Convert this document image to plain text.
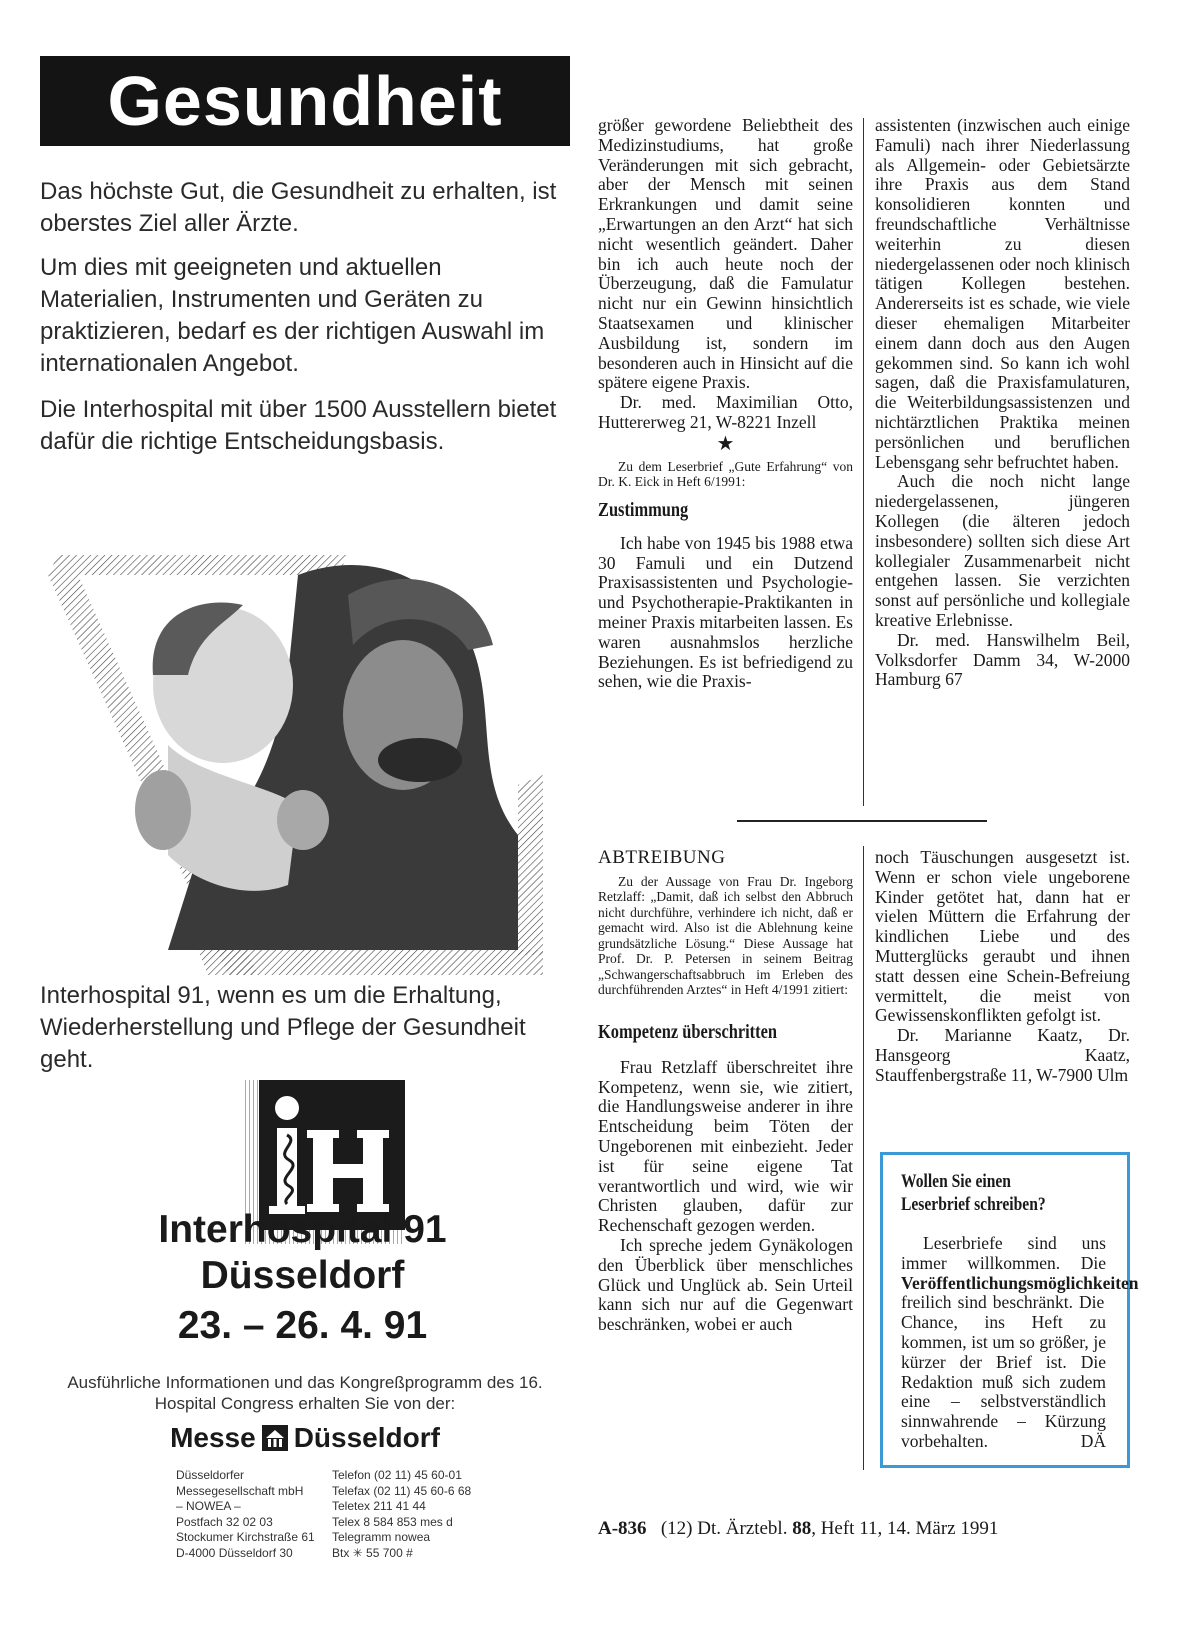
Gesundheit

Das höchste Gut, die Gesundheit zu erhalten, ist oberstes Ziel aller Ärzte.

Um dies mit geeigneten und aktuellen Materialien, Instrumenten und Geräten zu praktizieren, bedarf es der richtigen Auswahl im internationalen Angebot.

Die Interhospital mit über 1500 Ausstellern bietet dafür die richtige Entscheidungsbasis.

Interhospital 91, wenn es um die Erhaltung, Wiederherstellung und Pflege der Gesundheit geht.

Interhospital 91
Düsseldorf
23. – 26. 4. 91
Ausführliche Informationen und das Kongreßprogramm des 16. Hospital Congress erhalten Sie von der:
Messe Düsseldorf
Düsseldorfer
Messegesellschaft mbH
– NOWEA –
Postfach 32 02 03
Stockumer Kirchstraße 61
D-4000 Düsseldorf 30
Telefon (02 11) 45 60-01
Telefax (02 11) 45 60-6 68
Teletex 211 41 44
Telex 8 584 853 mes d
Telegramm nowea
Btx ✳ 55 700 #

größer gewordene Beliebtheit des Medizinstudiums, hat große Veränderungen mit sich gebracht, aber der Mensch mit seinen Erkrankungen und damit seine „Erwartungen an den Arzt“ hat sich nicht wesentlich geändert. Daher bin ich auch heute noch der Überzeugung, daß die Famulatur nicht nur ein Gewinn hinsichtlich Staatsexamen und klinischer Ausbildung ist, sondern im besonderen auch in Hinsicht auf die spätere eigene Praxis.

Dr. med. Maximilian Otto, Huttererweg 21, W-8221 Inzell

★

Zu dem Leserbrief „Gute Erfahrung“ von Dr. K. Eick in Heft 6/1991:

Zustimmung

Ich habe von 1945 bis 1988 etwa 30 Famuli und ein Dutzend Praxisassistenten und Psychologie- und Psychotherapie-Praktikanten in meiner Praxis mitarbeiten lassen. Es waren ausnahmslos herzliche Beziehungen. Es ist befriedigend zu sehen, wie die Praxis-

assistenten (inzwischen auch einige Famuli) nach ihrer Niederlassung als Allgemein- oder Gebietsärzte ihre Praxis aus dem Stand konsolidieren konnten und freundschaftliche Verhältnisse weiterhin zu diesen niedergelassenen oder noch klinisch tätigen Kollegen bestehen. Andererseits ist es schade, wie viele dieser ehemaligen Mitarbeiter einem dann doch aus den Augen gekommen sind. So kann ich wohl sagen, daß die Praxisfamulaturen, die Weiterbildungsassistenzen und nichtärztlichen Praktika meinen persönlichen und beruflichen Lebensgang sehr befruchtet haben.

Auch die noch nicht lange niedergelassenen, jüngeren Kollegen (die älteren jedoch insbesondere) sollten sich diese Art kollegialer Zusammenarbeit nicht entgehen lassen. Sie verzichten sonst auf persönliche und kollegiale kreative Erlebnisse.

Dr. med. Hanswilhelm Beil, Volksdorfer Damm 34, W-2000 Hamburg 67

ABTREIBUNG

Zu der Aussage von Frau Dr. Ingeborg Retzlaff: „Damit, daß ich selbst den Abbruch nicht durchführe, verhindere ich nicht, daß er gemacht wird. Also ist die Ablehnung keine grundsätzliche Lösung.“ Diese Aussage hat Prof. Dr. P. Petersen in seinem Beitrag „Schwangerschaftsabbruch im Erleben des durchführenden Arztes“ in Heft 4/1991 zitiert:

Kompetenz überschritten

Frau Retzlaff überschreitet ihre Kompetenz, wenn sie, wie zitiert, die Handlungsweise anderer in ihre Entscheidung beim Töten der Ungeborenen mit einbezieht. Jeder ist für seine eigene Tat verantwortlich und wird, wie wir Christen glauben, dafür zur Rechenschaft gezogen werden.

Ich spreche jedem Gynäkologen den Überblick über menschliches Glück und Unglück ab. Sein Urteil kann sich nur auf die Gegenwart beschränken, wobei er auch

noch Täuschungen ausgesetzt ist. Wenn er schon viele ungeborene Kinder getötet hat, dann hat er vielen Müttern die Erfahrung der kindlichen Liebe und des Mutterglücks geraubt und ihnen statt dessen eine Schein-Befreiung vermittelt, die meist von Gewissenskonflikten gefolgt ist.

Dr. Marianne Kaatz, Dr. Hansgeorg Kaatz, Stauffenbergstraße 11, W-7900 Ulm

Wollen Sie einen
Leserbrief schreiben?

Leserbriefe sind uns immer willkommen. Die Veröffentlichungsmöglichkeiten freilich sind beschränkt. Die Chance, ins Heft zu kommen, ist um so größer, je kürzer der Brief ist. Die Redaktion muß sich zudem eine – selbstverständlich sinnwahrende – Kürzung vorbehalten.	DÄ

A-836 (12) Dt. Ärztebl. 88, Heft 11, 14. März 1991
